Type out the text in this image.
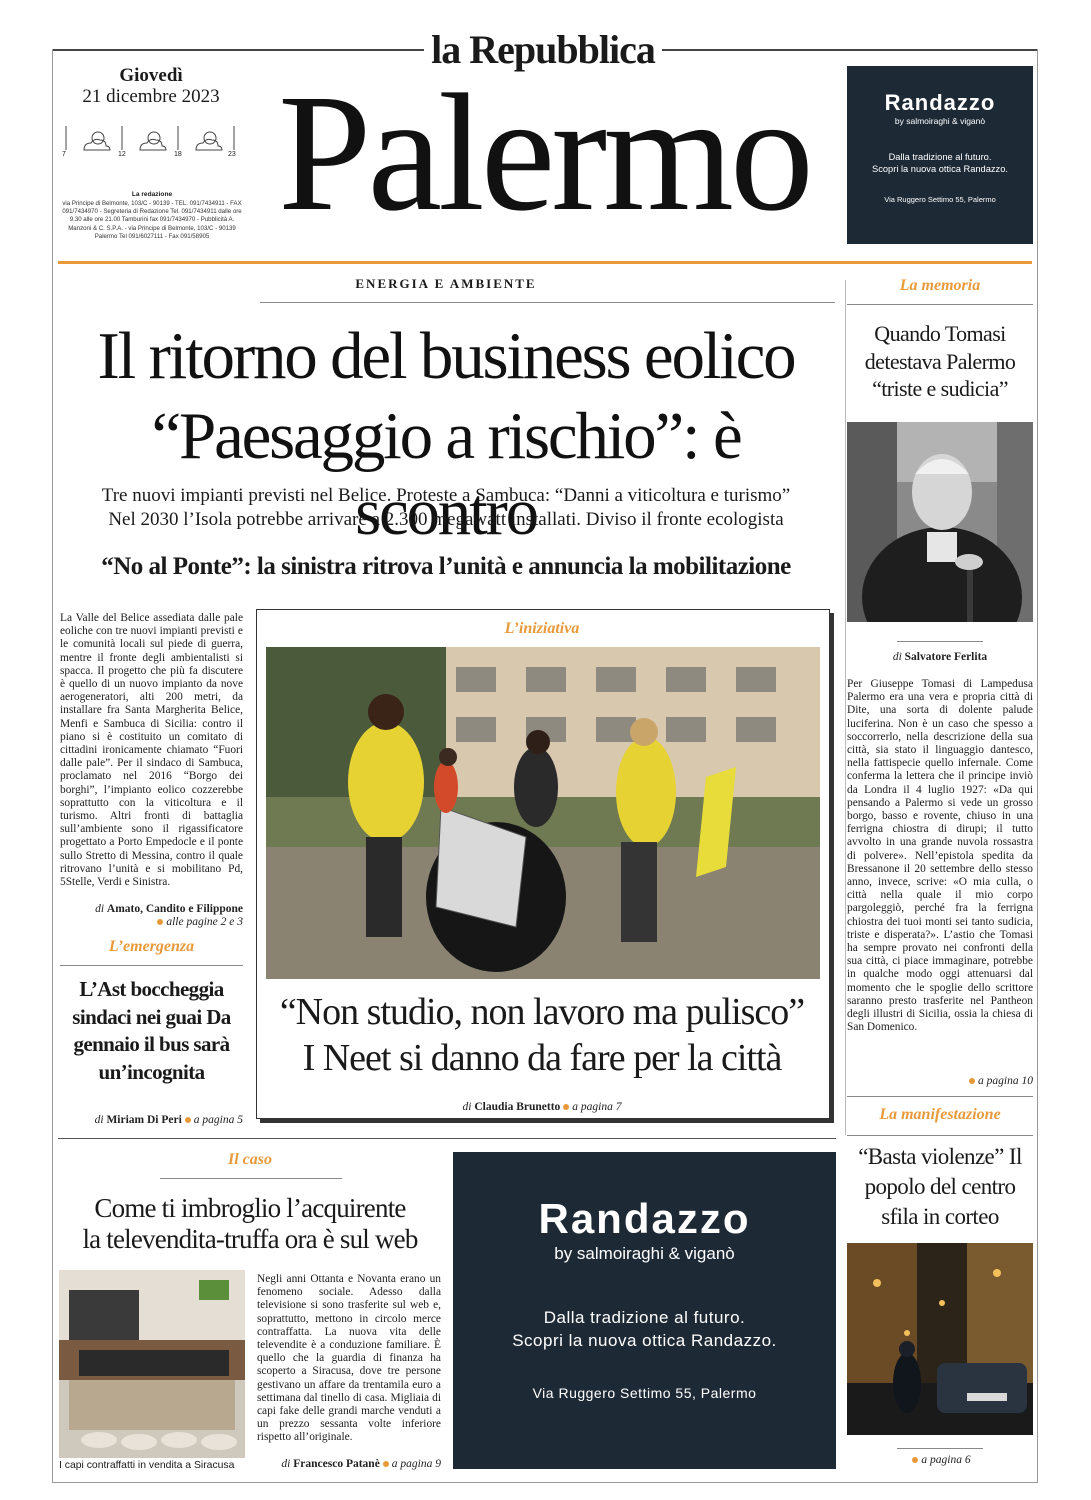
la Repubblica
Giovedì
21 dicembre 2023
7	12	18	23
La redazione
via Principe di Belmonte, 103/C - 90139 - TEL. 091/7434911 - FAX 091/7434970 - Segreteria di Redazione Tel. 091/7434911 dalle ore 9.30 alle ore 21.00 Tamburini fax 091/7434970 - Pubblicità A. Manzoni & C. S.P.A. - via Principe di Belmonte, 103/C - 90139 Palermo Tel 091/6027111 - Fax 091/58905 Palermo	Randazzo
by salmoiraghi & viganò
Dalla tradizione al futuro.
Scopri la nuova ottica Randazzo.
Via Ruggero Settimo 55, Palermo
ENERGIA E AMBIENTE
Il ritorno del business eolico
“Paesaggio a rischio”: è scontro
Tre nuovi impianti previsti nel Belice. Proteste a Sambuca: “Danni a viticoltura e turismo”
Nel 2030 l’Isola potrebbe arrivare a 2.300 megawatt installati. Diviso il fronte ecologista
“No al Ponte”: la sinistra ritrova l’unità e annuncia la mobilitazione
La Valle del Belice assediata dalle pale eoliche con tre nuovi impianti previsti e le comunità locali sul piede di guerra, mentre il fronte degli ambientalisti si spacca. Il progetto che più fa discutere è quello di un nuovo impianto da nove aerogeneratori, alti 200 metri, da installare fra Santa Margherita Belice, Menfi e Sambuca di Sicilia: contro il piano si è costituito un comitato di cittadini ironicamente chiamato “Fuori dalle pale”. Per il sindaco di Sambuca, proclamato nel 2016 “Borgo dei borghi”, l’impianto eolico cozzerebbe soprattutto con la viticoltura e il turismo. Altri fronti di battaglia sull’ambiente sono il rigassificatore progettato a Porto Empedocle e il ponte sullo Stretto di Messina, contro il quale ritrovano l’unità e si mobilitano Pd, 5Stelle, Verdi e Sinistra.
di Amato, Candito e Filippone
alle pagine 2 e 3
L’emergenza
L’Ast boccheggia sindaci nei guai Da gennaio il bus sarà un’incognita
di Miriam Di Peri a pagina 5
L’iniziativa
“Non studio, non lavoro ma pulisco”
I Neet si danno da fare per la città
di Claudia Brunetto a pagina 7
La memoria
Quando Tomasi detestava Palermo “triste e sudicia”
di Salvatore Ferlita
Per Giuseppe Tomasi di Lampedusa Palermo era una vera e propria città di Dite, una sorta di dolente palude luciferina. Non è un caso che spesso a soccorrerlo, nella descrizione della sua città, sia stato il linguaggio dantesco, nella fattispecie quello infernale. Come conferma la lettera che il principe inviò da Londra il 4 luglio 1927: «Da qui pensando a Palermo si vede un grosso borgo, basso e rovente, chiuso in una ferrigna chiostra di dirupi; il tutto avvolto in una grande nuvola rossastra di polvere». Nell’epistola spedita da Bressanone il 20 settembre dello stesso anno, invece, scrive: «O mia culla, o città nella quale il mio corpo pargoleggiò, perché fra la ferrigna chiostra dei tuoi monti sei tanto sudicia, triste e disperata?». L’astio che Tomasi ha sempre provato nei confronti della sua città, ci piace immaginare, potrebbe in qualche modo oggi attenuarsi dal momento che le spoglie dello scrittore saranno presto trasferite nel Pantheon degli illustri di Sicilia, ossia la chiesa di San Domenico.
a pagina 10
La manifestazione
“Basta violenze” Il popolo del centro sfila in corteo
a pagina 6
Il caso
Come ti imbroglio l’acquirente
la televendita-truffa ora è sul web
I capi contraffatti in vendita a Siracusa
Negli anni Ottanta e Novanta erano un fenomeno sociale. Adesso dalla televisione si sono trasferite sul web e, soprattutto, mettono in circolo merce contraffatta. La nuova vita delle televendite è a conduzione familiare. È quello che la guardia di finanza ha scoperto a Siracusa, dove tre persone gestivano un affare da trentamila euro a settimana dal tinello di casa. Migliaia di capi fake delle grandi marche venduti a un prezzo sessanta volte inferiore rispetto all’originale.
di Francesco Patanè a pagina 9
Randazzo
by salmoiraghi & viganò
Dalla tradizione al futuro.
Scopri la nuova ottica Randazzo.
Via Ruggero Settimo 55, Palermo
